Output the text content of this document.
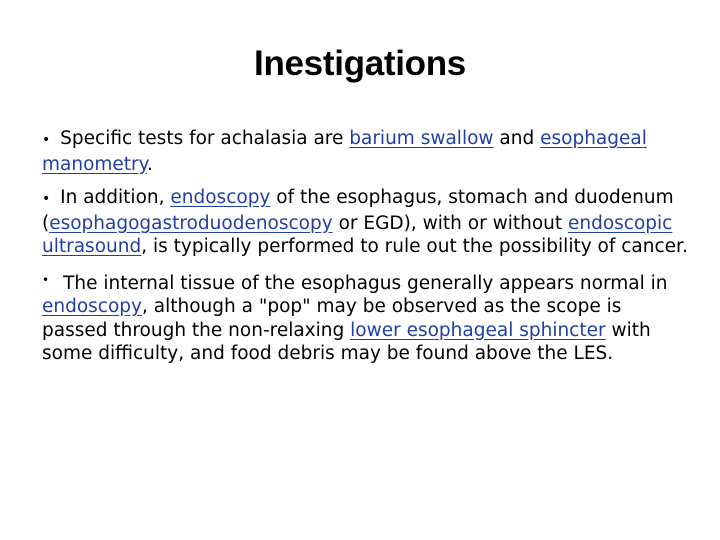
Inestigations

• Specific tests for achalasia are barium swallow and esophageal manometry.

• In addition, endoscopy of the esophagus, stomach and duodenum (esophagogastroduodenoscopy or EGD), with or without endoscopic ultrasound, is typically performed to rule out the possibility of cancer.

• The internal tissue of the esophagus generally appears normal in endoscopy, although a "pop" may be observed as the scope is passed through the non-relaxing lower esophageal sphincter with some difficulty, and food debris may be found above the LES.
